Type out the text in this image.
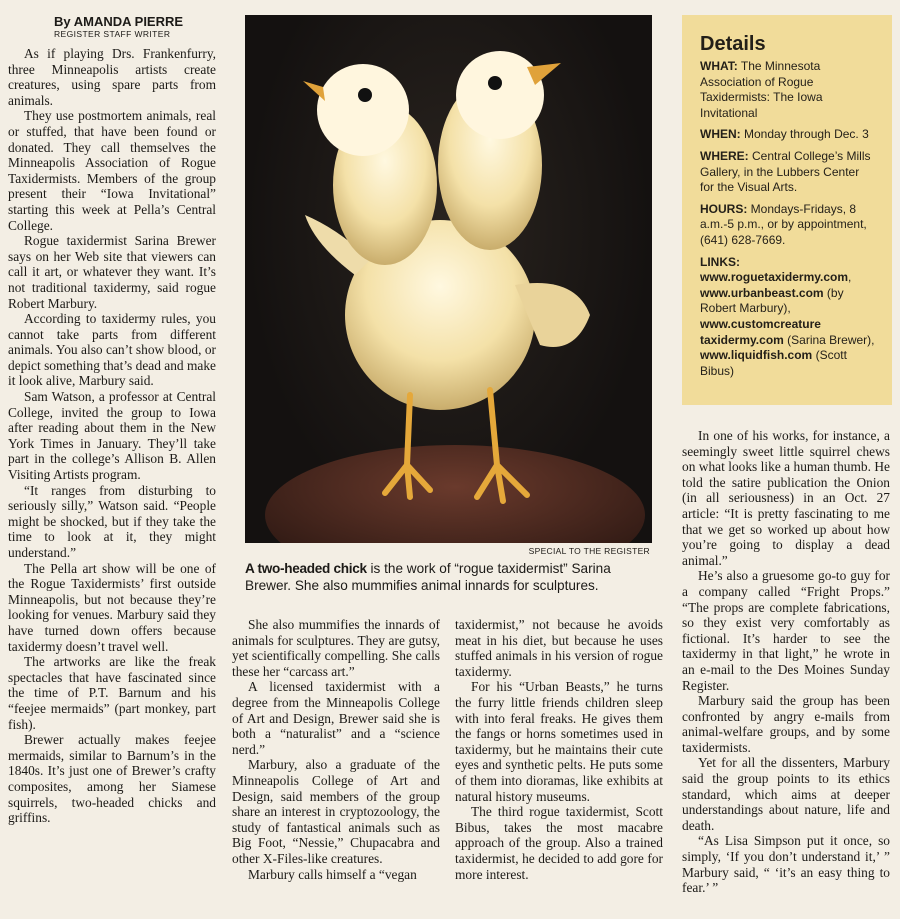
By AMANDA PIERRE
REGISTER STAFF WRITER

As if playing Drs. Frankenfurry, three Minneapolis artists create creatures, using spare parts from animals.

They use postmortem animals, real or stuffed, that have been found or donated. They call themselves the Minneapolis Association of Rogue Taxidermists. Members of the group present their “Iowa Invitational” starting this week at Pella’s Central College.

Rogue taxidermist Sarina Brewer says on her Web site that viewers can call it art, or whatever they want. It’s not traditional taxidermy, said rogue Robert Marbury.

According to taxidermy rules, you cannot take parts from different animals. You also can’t show blood, or depict something that’s dead and make it look alive, Marbury said.

Sam Watson, a professor at Central College, invited the group to Iowa after reading about them in the New York Times in January. They’ll take part in the college’s Allison B. Allen Visiting Artists program.

“It ranges from disturbing to seriously silly,” Watson said. “People might be shocked, but if they take the time to look at it, they might understand.”

The Pella art show will be one of the Rogue Taxidermists’ first outside Minneapolis, but not because they’re looking for venues. Marbury said they have turned down offers because taxidermy doesn’t travel well.

The artworks are like the freak spectacles that have fascinated since the time of P.T. Barnum and his “feejee mermaids” (part monkey, part fish).

Brewer actually makes feejee mermaids, similar to Barnum’s in the 1840s. It’s just one of Brewer’s crafty composites, among her Siamese squirrels, two-headed chicks and griffins.

SPECIAL TO THE REGISTER
A two-headed chick is the work of “rogue taxidermist” Sarina Brewer. She also mummifies animal innards for sculptures.
Details
WHAT: The Minnesota Association of Rogue Taxidermists: The Iowa Invitational
WHEN: Monday through Dec. 3
WHERE: Central College’s Mills Gallery, in the Lubbers Center for the Visual Arts.
HOURS: Mondays-Fridays, 8 a.m.-5 p.m., or by appointment, (641) 628-7669.
LINKS:
www.roguetaxidermy.com, www.urbanbeast.com (by Robert Marbury), www.customcreature taxidermy.com (Sarina Brewer), www.liquidfish.com (Scott Bibus)

She also mummifies the innards of animals for sculptures. They are gutsy, yet scientifically compelling. She calls these her “carcass art.”

A licensed taxidermist with a degree from the Minneapolis College of Art and Design, Brewer said she is both a “naturalist” and a “science nerd.”

Marbury, also a graduate of the Minneapolis College of Art and Design, said members of the group share an interest in cryptozoology, the study of fantastical animals such as Big Foot, “Nessie,” Chupacabra and other X-Files-like creatures.

Marbury calls himself a “vegan

taxidermist,” not because he avoids meat in his diet, but because he uses stuffed animals in his version of rogue taxidermy.

For his “Urban Beasts,” he turns the furry little friends children sleep with into feral freaks. He gives them the fangs or horns sometimes used in taxidermy, but he maintains their cute eyes and synthetic pelts. He puts some of them into dioramas, like exhibits at natural history museums.

The third rogue taxidermist, Scott Bibus, takes the most macabre approach of the group. Also a trained taxidermist, he decided to add gore for more interest.

In one of his works, for instance, a seemingly sweet little squirrel chews on what looks like a human thumb. He told the satire publication the Onion (in all seriousness) in an Oct. 27 article: “It is pretty fascinating to me that we get so worked up about how you’re going to display a dead animal.”

He’s also a gruesome go-to guy for a company called “Fright Props.” “The props are complete fabrications, so they exist very comfortably as fictional. It’s harder to see the taxidermy in that light,” he wrote in an e-mail to the Des Moines Sunday Register.

Marbury said the group has been confronted by angry e-mails from animal-welfare groups, and by some taxidermists.

Yet for all the dissenters, Marbury said the group points to its ethics standard, which aims at deeper understandings about nature, life and death.

“As Lisa Simpson put it once, so simply, ‘If you don’t understand it,’ ” Marbury said, “ ‘it’s an easy thing to fear.’ ”
